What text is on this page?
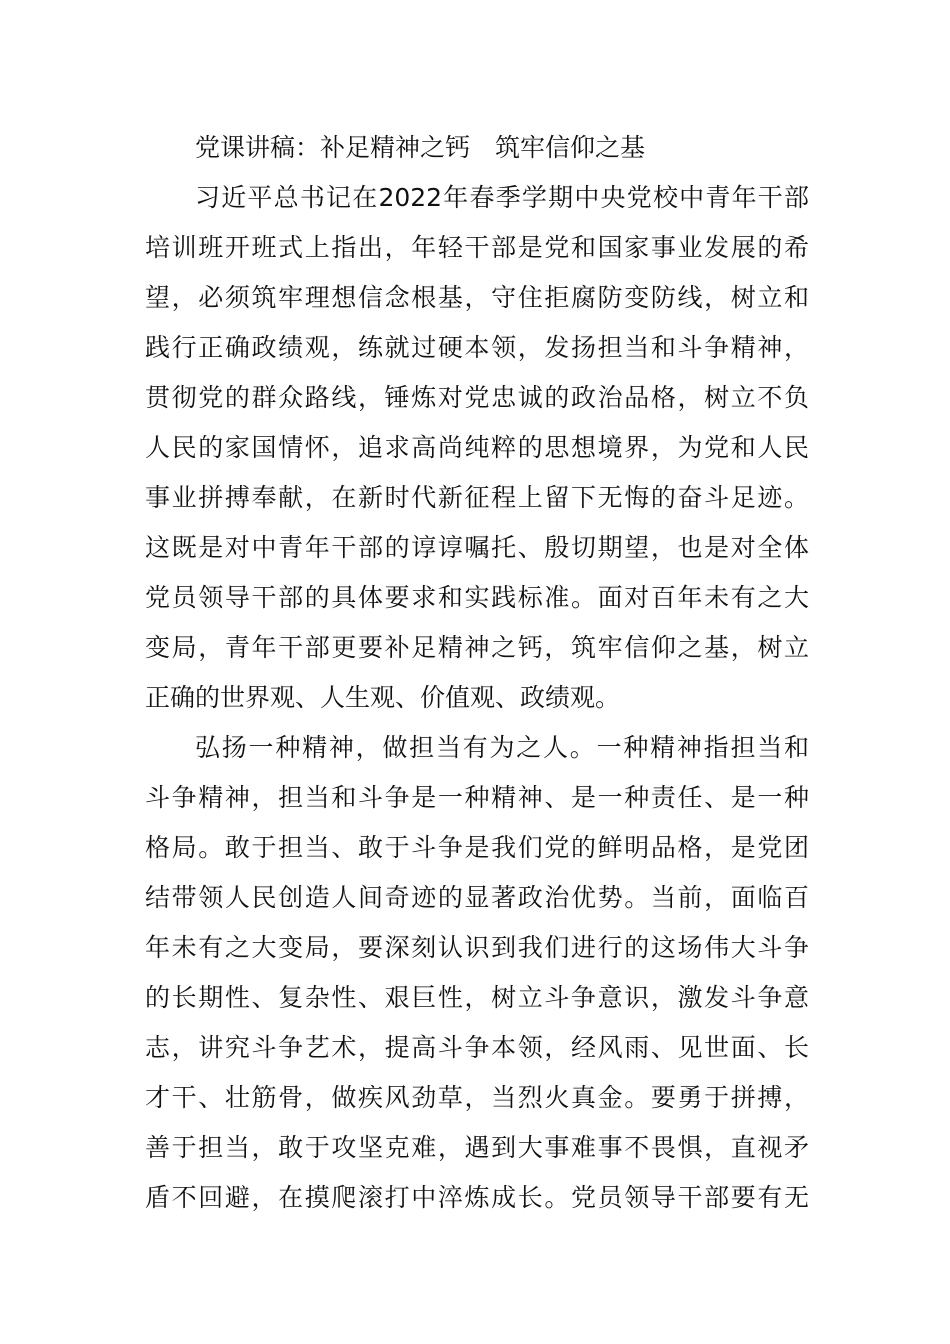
党课讲稿：补足精神之钙　筑牢信仰之基

习近平总书记在2022年春季学期中央党校中青年干部
培训班开班式上指出，年轻干部是党和国家事业发展的希
望，必须筑牢理想信念根基，守住拒腐防变防线，树立和
践行正确政绩观，练就过硬本领，发扬担当和斗争精神，
贯彻党的群众路线，锤炼对党忠诚的政治品格，树立不负
人民的家国情怀，追求高尚纯粹的思想境界，为党和人民
事业拼搏奉献，在新时代新征程上留下无悔的奋斗足迹。
这既是对中青年干部的谆谆嘱托、殷切期望，也是对全体
党员领导干部的具体要求和实践标准。面对百年未有之大
变局，青年干部更要补足精神之钙，筑牢信仰之基，树立
正确的世界观、人生观、价值观、政绩观。

弘扬一种精神，做担当有为之人。一种精神指担当和
斗争精神，担当和斗争是一种精神、是一种责任、是一种
格局。敢于担当、敢于斗争是我们党的鲜明品格，是党团
结带领人民创造人间奇迹的显著政治优势。当前，面临百
年未有之大变局，要深刻认识到我们进行的这场伟大斗争
的长期性、复杂性、艰巨性，树立斗争意识，激发斗争意
志，讲究斗争艺术，提高斗争本领，经风雨、见世面、长
才干、壮筋骨，做疾风劲草，当烈火真金。要勇于拼搏，
善于担当，敢于攻坚克难，遇到大事难事不畏惧，直视矛
盾不回避，在摸爬滚打中淬炼成长。党员领导干部要有无
